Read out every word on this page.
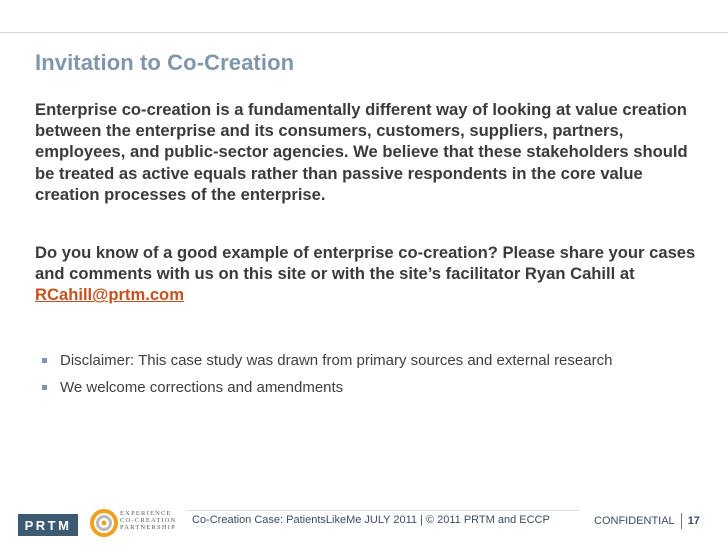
Invitation to Co-Creation

Enterprise co-creation is a fundamentally different way of looking at value creation between the enterprise and its consumers, customers, suppliers, partners, employees, and public-sector agencies. We believe that these stakeholders should be treated as active equals rather than passive respondents in the core value creation processes of the enterprise.

Do you know of a good example of enterprise co-creation? Please share your cases and comments with us on this site or with the site’s facilitator Ryan Cahill at RCahill@prtm.com

Disclaimer: This case study was drawn from primary sources and external research
We welcome corrections and amendments
PRTM
EXPERIENCE
CO-CREATION
PARTNERSHIP
Co-Creation Case: PatientsLikeMe JULY 2011 | © 2011 PRTM and ECCP	CONFIDENTIAL 17
